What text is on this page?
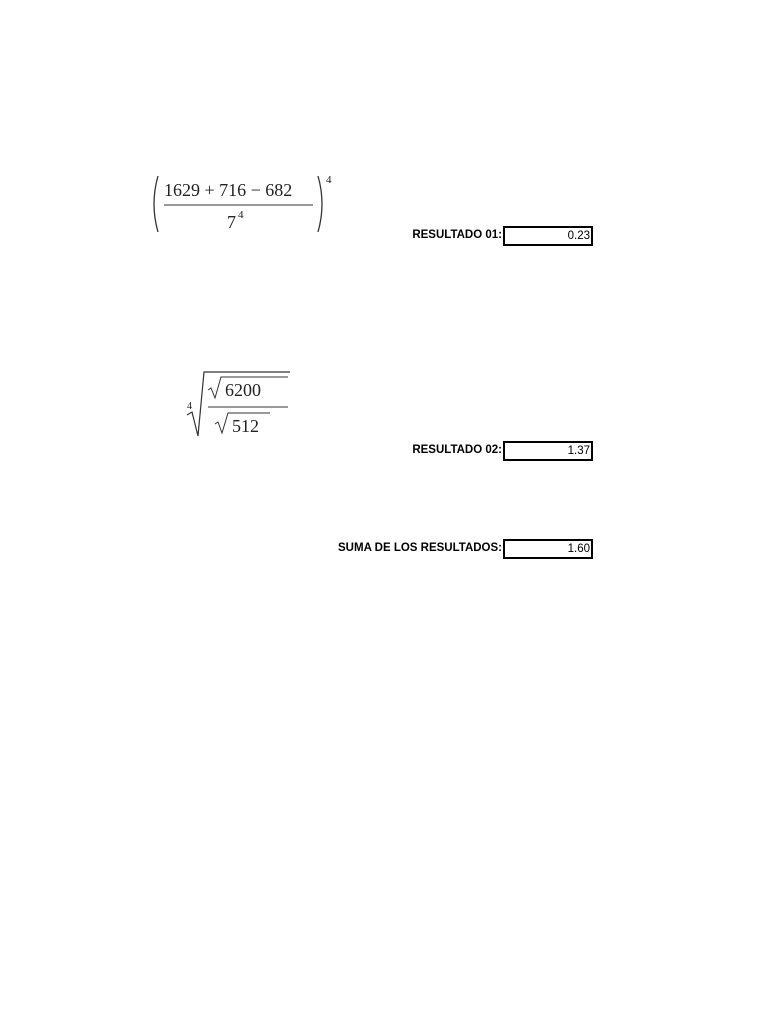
1629 + 716 − 682
7 4
4
4
6200
512
RESULTADO 01:	0.23
RESULTADO 02:	1.37
SUMA DE LOS RESULTADOS:	1.60
